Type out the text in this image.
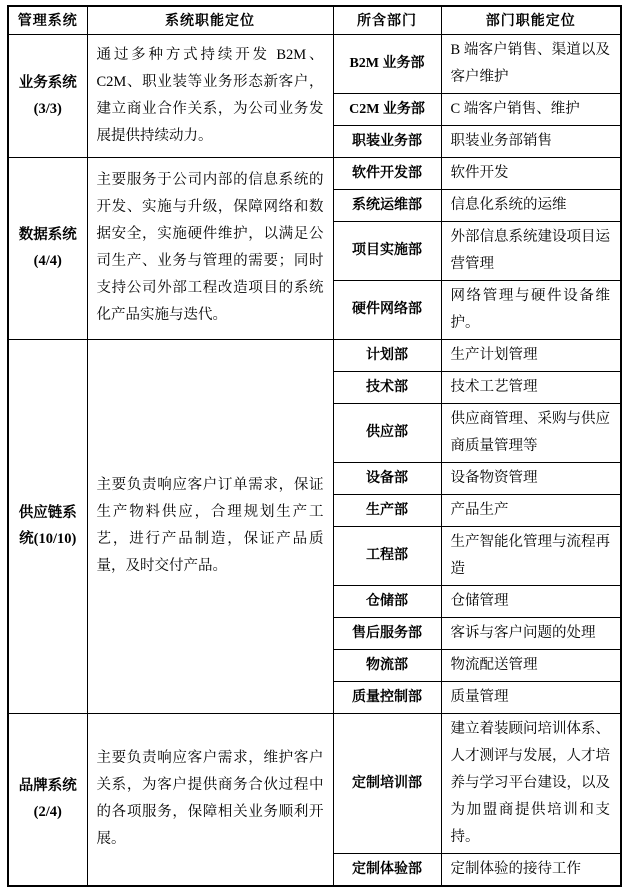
管理系统	系统职能定位	所含部门	部门职能定位

业务系统
(3/3)	通过多种方式持续开发 B2M、C2M、职业装等业务形态新客户，建立商业合作关系，为公司业务发展提供持续动力。	B2M 业务部	B 端客户销售、渠道以及客户维护
		C2M 业务部	C 端客户销售、维护
		职装业务部	职装业务部销售

数据系统
(4/4)	主要服务于公司内部的信息系统的开发、实施与升级，保障网络和数据安全，实施硬件维护，以满足公司生产、业务与管理的需要；同时支持公司外部工程改造项目的系统化产品实施与迭代。	软件开发部	软件开发
		系统运维部	信息化系统的运维
		项目实施部	外部信息系统建设项目运营管理
		硬件网络部	网络管理与硬件设备维护。

供应链系
统(10/10)	主要负责响应客户订单需求，保证生产物料供应，合理规划生产工艺，进行产品制造，保证产品质量，及时交付产品。	计划部	生产计划管理
		技术部	技术工艺管理
		供应部	供应商管理、采购与供应商质量管理等
		设备部	设备物资管理
		生产部	产品生产
		工程部	生产智能化管理与流程再造
		仓储部	仓储管理
		售后服务部	客诉与客户问题的处理
		物流部	物流配送管理
		质量控制部	质量管理

品牌系统
(2/4)	主要负责响应客户需求，维护客户关系，为客户提供商务合伙过程中的各项服务，保障相关业务顺利开展。	定制培训部	建立着装顾问培训体系、人才测评与发展，人才培养与学习平台建设，以及为加盟商提供培训和支持。
		定制体验部	定制体验的接待工作
